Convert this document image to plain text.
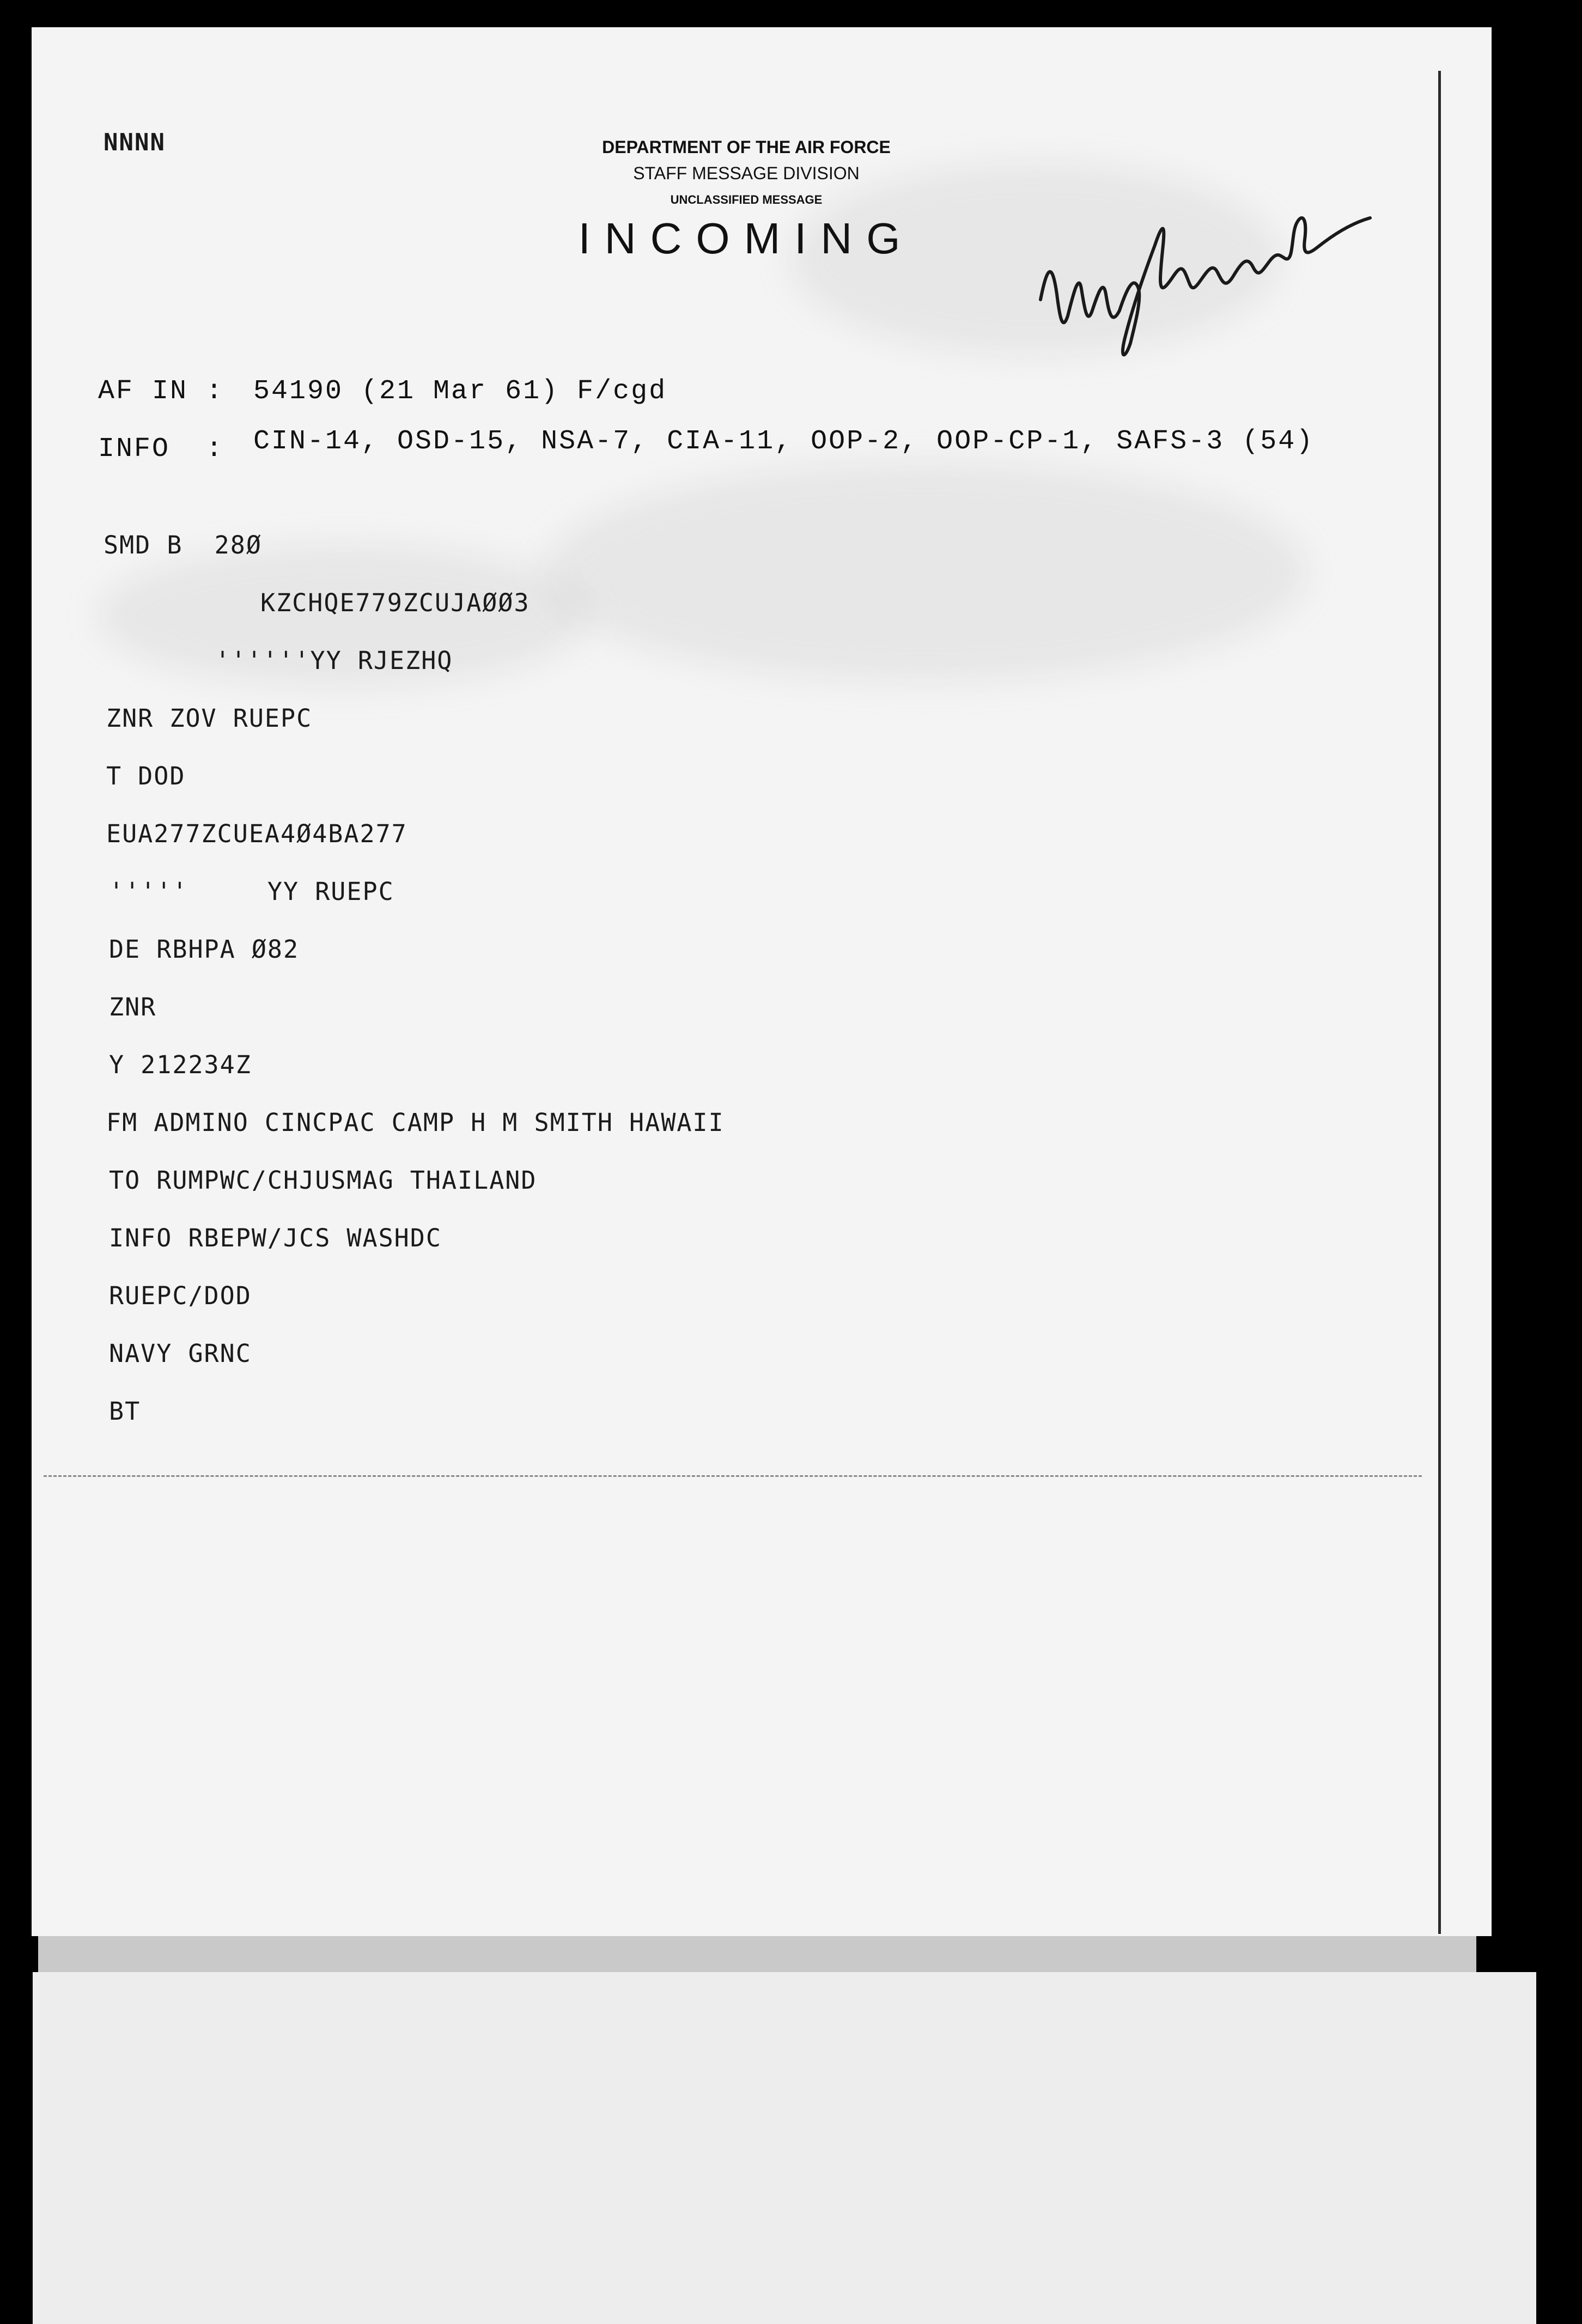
NNNN	DEPARTMENT OF THE AIR FORCE
STAFF MESSAGE DIVISION
UNCLASSIFIED MESSAGE
INCOMING
AF IN : 54190 (21 Mar 61) F/cgd
INFO  : CIN-14, OSD-15, NSA-7, CIA-11, OOP-2, OOP-CP-1, SAFS-3 (54)
SMD B  28Ø
KZCHQE779ZCUJAØØ3
''''''YY RJEZHQ
ZNR ZOV RUEPC
T DOD
EUA277ZCUEA4Ø4BA277
'''''     YY RUEPC
DE RBHPA Ø82
ZNR
Y 212234Z
FM ADMINO CINCPAC CAMP H M SMITH HAWAII
TO RUMPWC/CHJUSMAG THAILAND
INFO RBEPW/JCS WASHDC
RUEPC/DOD
NAVY GRNC
BT
